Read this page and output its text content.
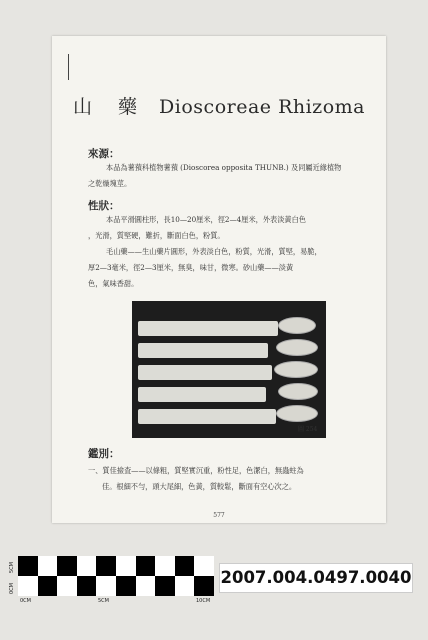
山 藥 Dioscoreae Rhizoma
來源：

本品為薯蕷科植物薯蕷 (Dioscorea opposita THUNB.) 及同屬近緣植物之乾燥塊莖。

性狀：
本品平滑圓柱形，長10—20厘米，徑2—4厘米，外表淡黃白色
，光滑，質堅硬，難折，斷面白色，粉質。
毛山藥——生山藥片圓形，外表淡白色，粉質，光滑，質堅，易脆，
厚2—3毫米，徑2—3厘米，無臭，味甘，微寒。砂山藥——淡黃
色，氣味香甜。
圖 254
鑑別：
一、質佳撿査——以條粗，質堅實沉重，粉性足，色潔白，無蟲蛀為
佳。根細不勻，頭大尾細，色黃，質較鬆，斷面有空心次之。
577
5CM
0CM
0CM	5CM	10CM
2007.004.0497.0040
